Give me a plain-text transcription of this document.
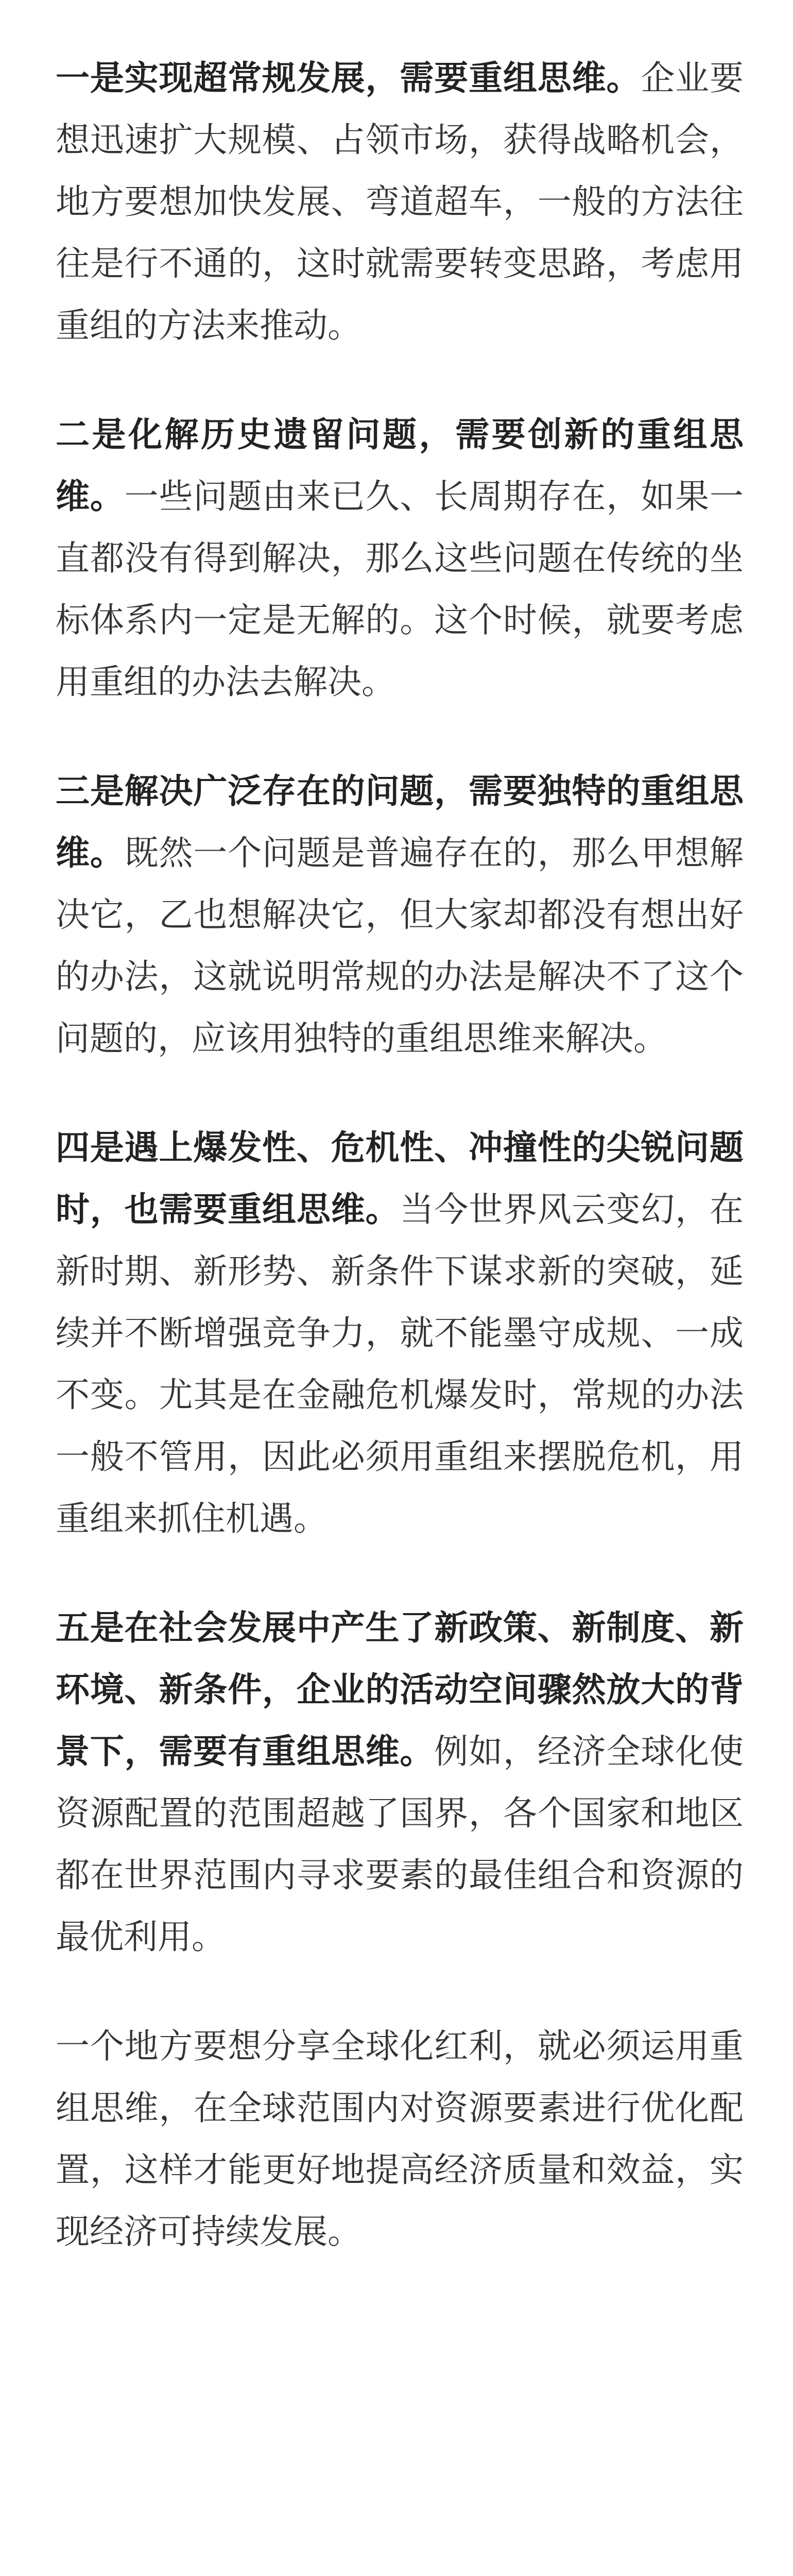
一是实现超常规发展，需要重组思维。企业要想迅速扩大规模、占领市场，获得战略机会，地方要想加快发展、弯道超车，一般的方法往往是行不通的，这时就需要转变思路，考虑用重组的方法来推动。

二是化解历史遗留问题，需要创新的重组思维。一些问题由来已久、长周期存在，如果一直都没有得到解决，那么这些问题在传统的坐标体系内一定是无解的。这个时候，就要考虑用重组的办法去解决。

三是解决广泛存在的问题，需要独特的重组思维。既然一个问题是普遍存在的，那么甲想解决它，乙也想解决它，但大家却都没有想出好的办法，这就说明常规的办法是解决不了这个问题的，应该用独特的重组思维来解决。

四是遇上爆发性、危机性、冲撞性的尖锐问题时，也需要重组思维。当今世界风云变幻，在新时期、新形势、新条件下谋求新的突破，延续并不断增强竞争力，就不能墨守成规、一成不变。尤其是在金融危机爆发时，常规的办法一般不管用，因此必须用重组来摆脱危机，用重组来抓住机遇。

五是在社会发展中产生了新政策、新制度、新环境、新条件，企业的活动空间骤然放大的背景下，需要有重组思维。例如，经济全球化使资源配置的范围超越了国界，各个国家和地区都在世界范围内寻求要素的最佳组合和资源的最优利用。

一个地方要想分享全球化红利，就必须运用重组思维，在全球范围内对资源要素进行优化配置，这样才能更好地提高经济质量和效益，实现经济可持续发展。
